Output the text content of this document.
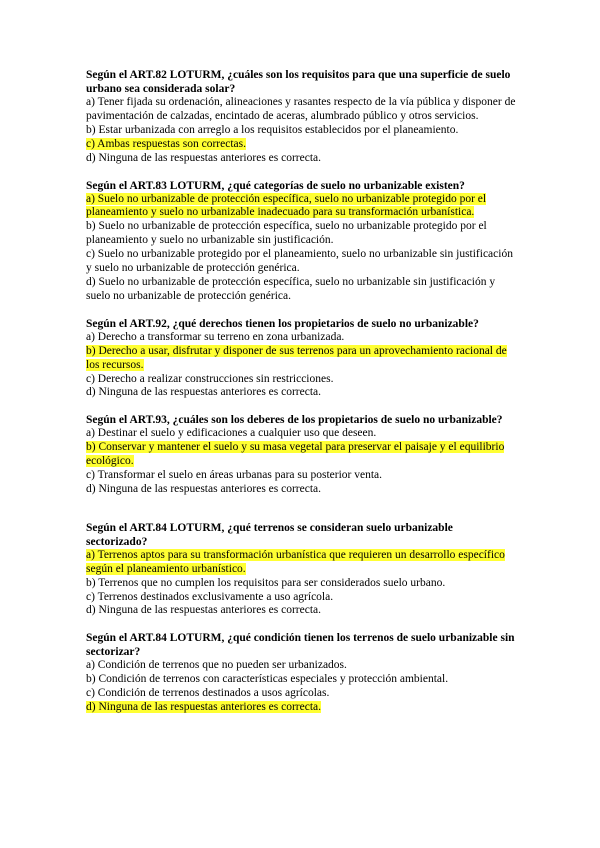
Según el ART.82 LOTURM, ¿cuáles son los requisitos para que una superficie de suelo urbano sea considerada solar?

a) Tener fijada su ordenación, alineaciones y rasantes respecto de la vía pública y disponer de pavimentación de calzadas, encintado de aceras, alumbrado público y otros servicios.

b) Estar urbanizada con arreglo a los requisitos establecidos por el planeamiento.

c) Ambas respuestas son correctas.

d) Ninguna de las respuestas anteriores es correcta.

Según el ART.83 LOTURM, ¿qué categorías de suelo no urbanizable existen?

a) Suelo no urbanizable de protección específica, suelo no urbanizable protegido por el planeamiento y suelo no urbanizable inadecuado para su transformación urbanística.

b) Suelo no urbanizable de protección específica, suelo no urbanizable protegido por el planeamiento y suelo no urbanizable sin justificación.

c) Suelo no urbanizable protegido por el planeamiento, suelo no urbanizable sin justificación y suelo no urbanizable de protección genérica.

d) Suelo no urbanizable de protección específica, suelo no urbanizable sin justificación y suelo no urbanizable de protección genérica.

Según el ART.92, ¿qué derechos tienen los propietarios de suelo no urbanizable?

a) Derecho a transformar su terreno en zona urbanizada.

b) Derecho a usar, disfrutar y disponer de sus terrenos para un aprovechamiento racional de los recursos.

c) Derecho a realizar construcciones sin restricciones.

d) Ninguna de las respuestas anteriores es correcta.

Según el ART.93, ¿cuáles son los deberes de los propietarios de suelo no urbanizable?

a) Destinar el suelo y edificaciones a cualquier uso que deseen.

b) Conservar y mantener el suelo y su masa vegetal para preservar el paisaje y el equilibrio ecológico.

c) Transformar el suelo en áreas urbanas para su posterior venta.

d) Ninguna de las respuestas anteriores es correcta.

Según el ART.84 LOTURM, ¿qué terrenos se consideran suelo urbanizable sectorizado?

a) Terrenos aptos para su transformación urbanística que requieren un desarrollo específico según el planeamiento urbanístico.

b) Terrenos que no cumplen los requisitos para ser considerados suelo urbano.

c) Terrenos destinados exclusivamente a uso agrícola.

d) Ninguna de las respuestas anteriores es correcta.

Según el ART.84 LOTURM, ¿qué condición tienen los terrenos de suelo urbanizable sin sectorizar?

a) Condición de terrenos que no pueden ser urbanizados.

b) Condición de terrenos con características especiales y protección ambiental.

c) Condición de terrenos destinados a usos agrícolas.

d) Ninguna de las respuestas anteriores es correcta.
